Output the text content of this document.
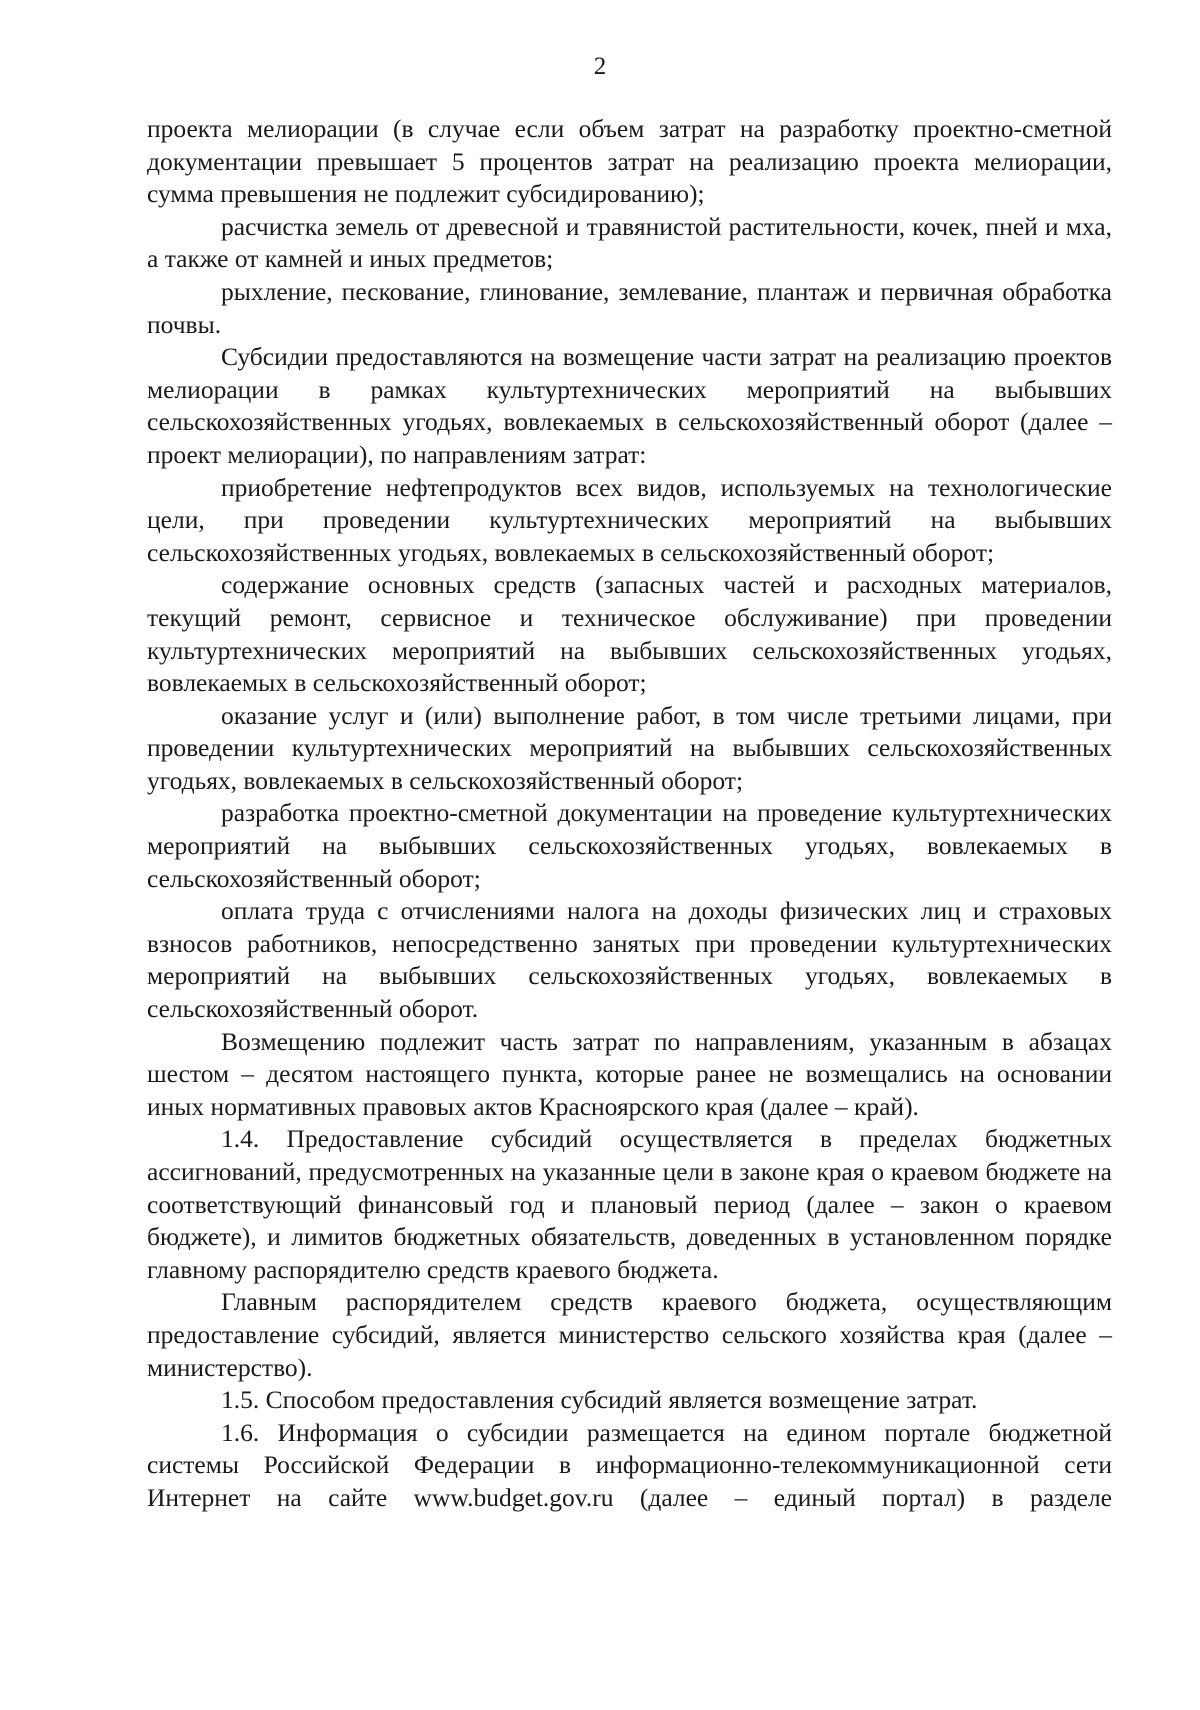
2

проекта мелиорации (в случае если объем затрат на разработку проектно-сметной документации превышает 5 процентов затрат на реализацию проекта мелиорации, сумма превышения не подлежит субсидированию);

расчистка земель от древесной и травянистой растительности, кочек, пней и мха, а также от камней и иных предметов;

рыхление, пескование, глинование, землевание, плантаж и первичная обработка почвы.

Субсидии предоставляются на возмещение части затрат на реализацию проектов мелиорации в рамках культуртехнических мероприятий на выбывших сельскохозяйственных угодьях, вовлекаемых в сельскохозяйственный оборот (далее – проект мелиорации), по направлениям затрат:

приобретение нефтепродуктов всех видов, используемых на технологические цели, при проведении культуртехнических мероприятий на выбывших сельскохозяйственных угодьях, вовлекаемых в сельскохозяйственный оборот;

содержание основных средств (запасных частей и расходных материалов, текущий ремонт, сервисное и техническое обслуживание) при проведении культуртехнических мероприятий на выбывших сельскохозяйственных угодьях, вовлекаемых в сельскохозяйственный оборот;

оказание услуг и (или) выполнение работ, в том числе третьими лицами, при проведении культуртехнических мероприятий на выбывших сельскохозяйственных угодьях, вовлекаемых в сельскохозяйственный оборот;

разработка проектно-сметной документации на проведение культуртехнических мероприятий на выбывших сельскохозяйственных угодьях, вовлекаемых в сельскохозяйственный оборот;

оплата труда с отчислениями налога на доходы физических лиц и страховых взносов работников, непосредственно занятых при проведении культуртехнических мероприятий на выбывших сельскохозяйственных угодьях, вовлекаемых в сельскохозяйственный оборот.

Возмещению подлежит часть затрат по направлениям, указанным в абзацах шестом – десятом настоящего пункта, которые ранее не возмещались на основании иных нормативных правовых актов Красноярского края (далее – край).

1.4. Предоставление субсидий осуществляется в пределах бюджетных ассигнований, предусмотренных на указанные цели в законе края о краевом бюджете на соответствующий финансовый год и плановый период (далее – закон о краевом бюджете), и лимитов бюджетных обязательств, доведенных в установленном порядке главному распорядителю средств краевого бюджета.

Главным распорядителем средств краевого бюджета, осуществляющим предоставление субсидий, является министерство сельского хозяйства края (далее – министерство).

1.5. Способом предоставления субсидий является возмещение затрат.

1.6. Информация о субсидии размещается на едином портале бюджетной системы Российской Федерации в информационно-телекоммуникационной сети Интернет на сайте www.budget.gov.ru (далее – единый портал) в разделе
